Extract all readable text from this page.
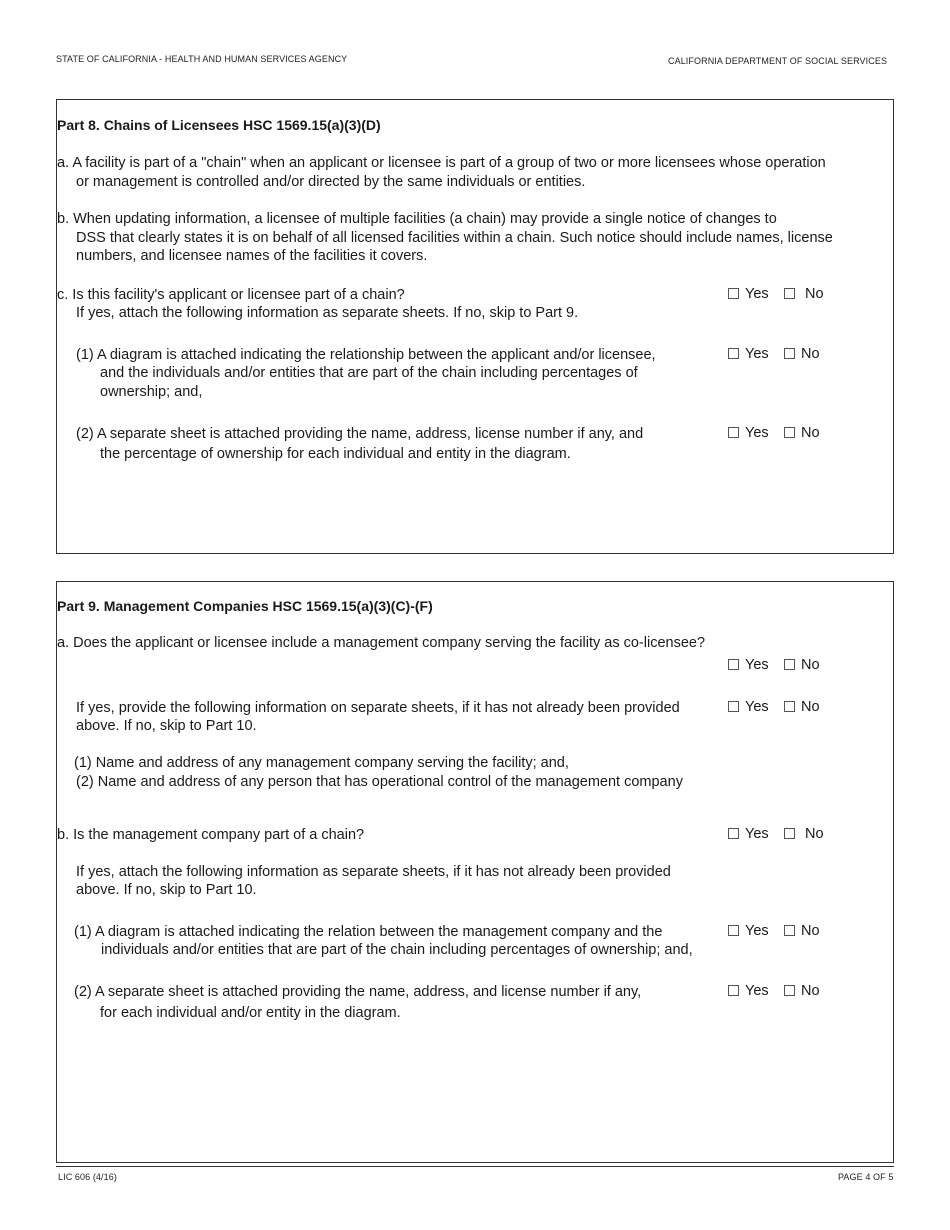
STATE OF CALIFORNIA - HEALTH AND HUMAN SERVICES AGENCY	CALIFORNIA DEPARTMENT OF SOCIAL SERVICES
Part 8. Chains of Licensees HSC 1569.15(a)(3)(D)
a. A facility is part of a "chain" when an applicant or licensee is part of a group of two or more licensees whose operation
or management is controlled and/or directed by the same individuals or entities.
b. When updating information, a licensee of multiple facilities (a chain) may provide a single notice of changes to
DSS that clearly states it is on behalf of all licensed facilities within a chain. Such notice should include names, license
numbers, and licensee names of the facilities it covers.
c. Is this facility's applicant or licensee part of a chain?
If yes, attach the following information as separate sheets. If no, skip to Part 9.
Yes	No
(1) A diagram is attached indicating the relationship between the applicant and/or licensee,
and the individuals and/or entities that are part of the chain including percentages of
ownership; and,
Yes	No
(2) A separate sheet is attached providing the name, address, license number if any, and
the percentage of ownership for each individual and entity in the diagram.
Yes	No
Part 9. Management Companies HSC 1569.15(a)(3)(C)-(F)
a. Does the applicant or licensee include a management company serving the facility as co-licensee?
Yes	No
If yes, provide the following information on separate sheets, if it has not already been provided
above. If no, skip to Part 10.
Yes	No
(1) Name and address of any management company serving the facility; and,
(2) Name and address of any person that has operational control of the management company
b. Is the management company part of a chain?	Yes	No
If yes, attach the following information as separate sheets, if it has not already been provided
above. If no, skip to Part 10.
(1) A diagram is attached indicating the relation between the management company and the
individuals and/or entities that are part of the chain including percentages of ownership; and,
Yes	No
(2) A separate sheet is attached providing the name, address, and license number if any,
for each individual and/or entity in the diagram.
Yes	No
LIC 606 (4/16)	PAGE 4 OF 5
